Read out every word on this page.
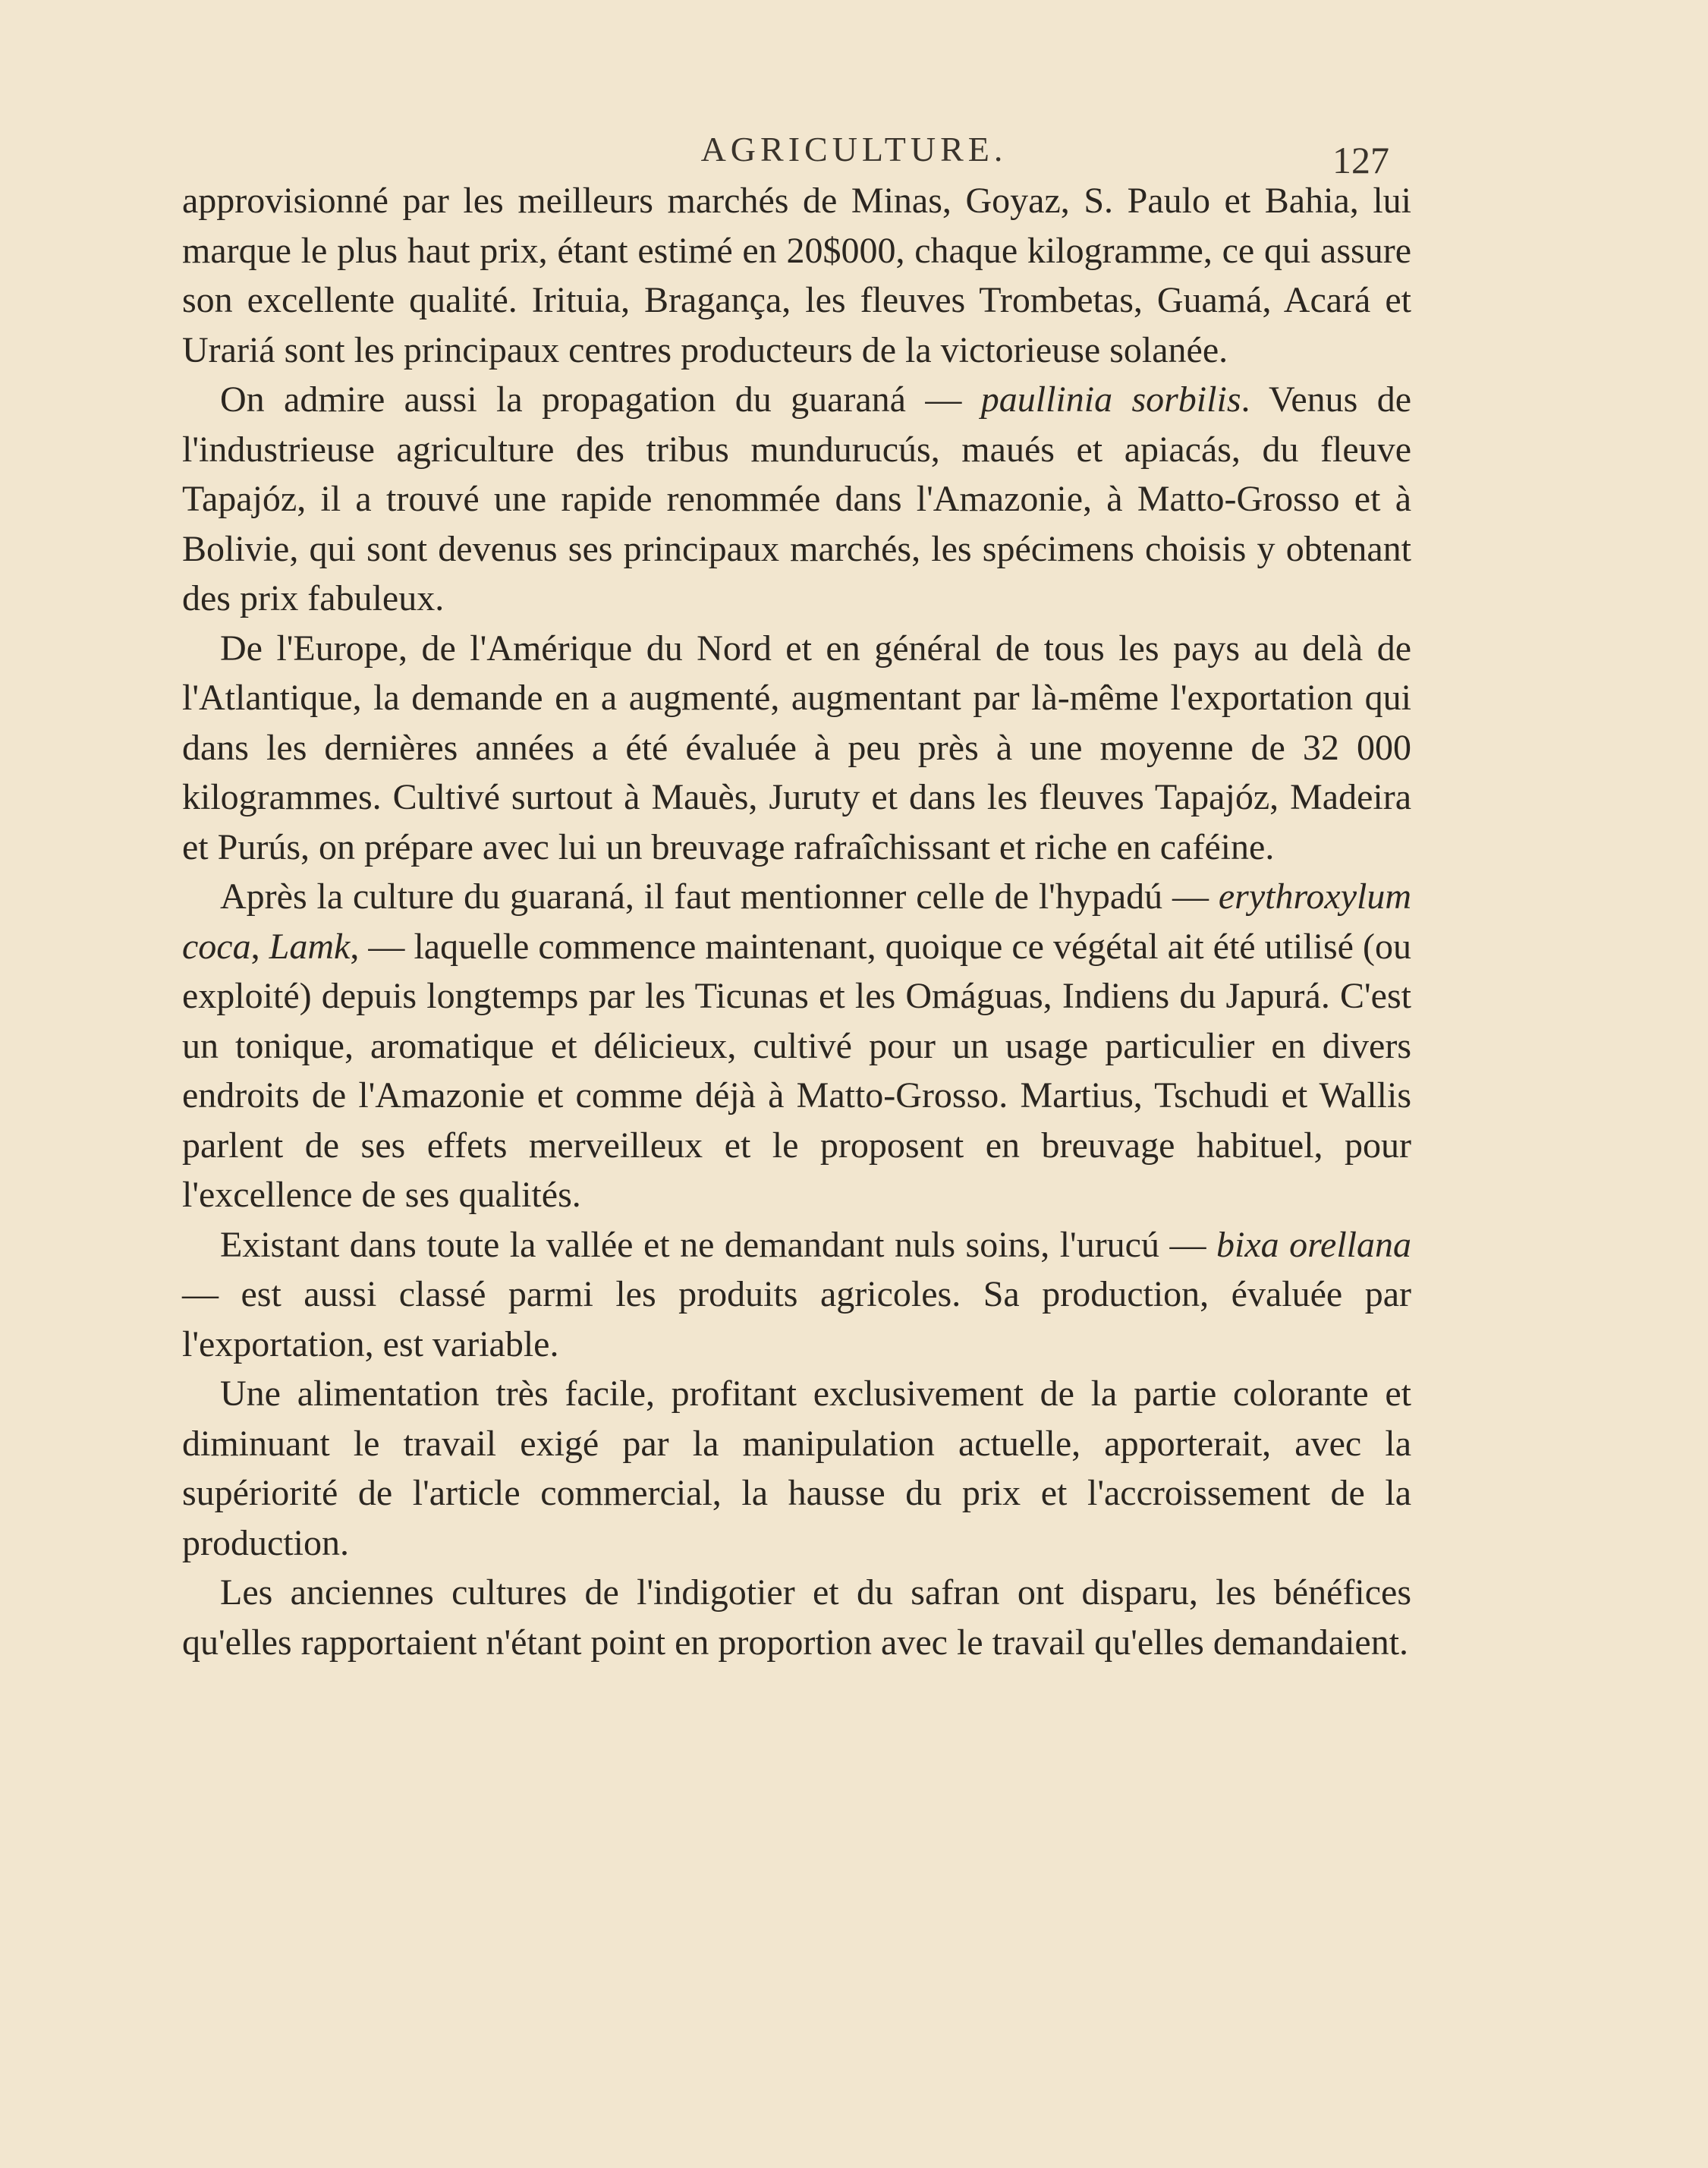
AGRICULTURE.	127

approvisionné par les meilleurs marchés de Minas, Goyaz, S. Paulo et Bahia, lui marque le plus haut prix, étant estimé en 20$000, chaque kilogramme, ce qui assure son excellente qualité. Irituia, Bragança, les fleuves Trombetas, Guamá, Acará et Urariá sont les principaux centres producteurs de la victorieuse solanée.

On admire aussi la propagation du guaraná — paullinia sorbilis. Venus de l'industrieuse agriculture des tribus mundurucús, maués et apiacás, du fleuve Tapajóz, il a trouvé une rapide renommée dans l'Amazonie, à Matto-Grosso et à Bolivie, qui sont devenus ses principaux marchés, les spécimens choisis y obtenant des prix fabuleux.

De l'Europe, de l'Amérique du Nord et en général de tous les pays au delà de l'Atlantique, la demande en a augmenté, augmentant par là-même l'exportation qui dans les dernières années a été évaluée à peu près à une moyenne de 32 000 kilogrammes. Cultivé surtout à Mauès, Juruty et dans les fleuves Tapajóz, Madeira et Purús, on prépare avec lui un breuvage rafraîchissant et riche en caféine.

Après la culture du guaraná, il faut mentionner celle de l'hypadú — erythroxylum coca, Lamk, — laquelle commence maintenant, quoique ce végétal ait été utilisé (ou exploité) depuis longtemps par les Ticunas et les Omáguas, Indiens du Japurá. C'est un tonique, aromatique et délicieux, cultivé pour un usage particulier en divers endroits de l'Amazonie et comme déjà à Matto-Grosso. Martius, Tschudi et Wallis parlent de ses effets merveilleux et le proposent en breuvage habituel, pour l'excellence de ses qualités.

Existant dans toute la vallée et ne demandant nuls soins, l'urucú — bixa orellana — est aussi classé parmi les produits agricoles. Sa production, évaluée par l'exportation, est variable.

Une alimentation très facile, profitant exclusivement de la partie colorante et diminuant le travail exigé par la manipulation actuelle, apporterait, avec la supériorité de l'article commercial, la hausse du prix et l'accroissement de la production.

Les anciennes cultures de l'indigotier et du safran ont disparu, les bénéfices qu'elles rapportaient n'étant point en proportion avec le travail qu'elles demandaient.
